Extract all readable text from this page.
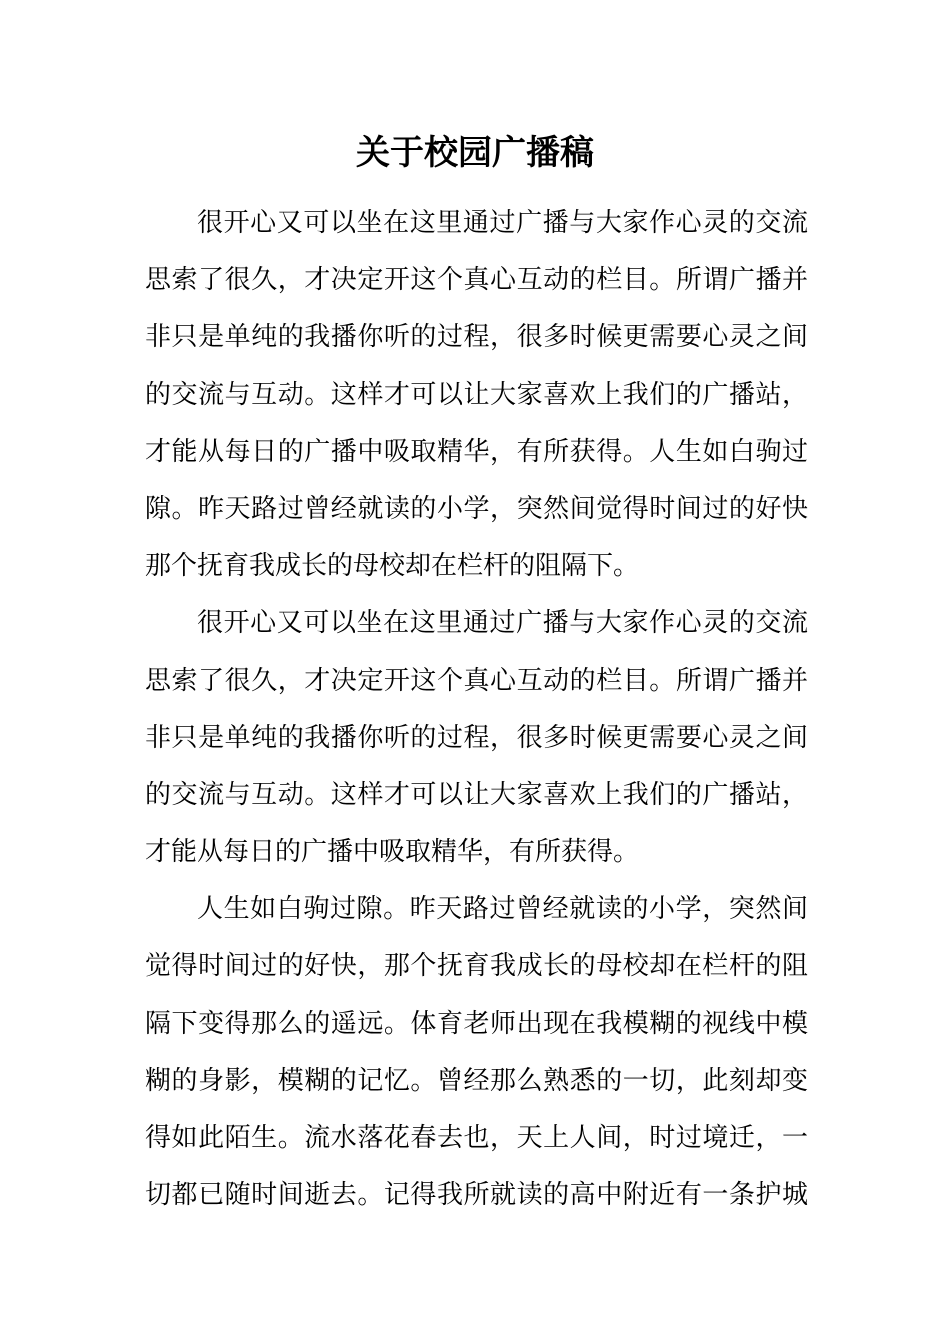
关于校园广播稿
很开心又可以坐在这里通过广播与大家作心灵的交流
思索了很久，才决定开这个真心互动的栏目。所谓广播并
非只是单纯的我播你听的过程，很多时候更需要心灵之间
的交流与互动。这样才可以让大家喜欢上我们的广播站，
才能从每日的广播中吸取精华，有所获得。人生如白驹过
隙。昨天路过曾经就读的小学，突然间觉得时间过的好快
那个抚育我成长的母校却在栏杆的阻隔下。
很开心又可以坐在这里通过广播与大家作心灵的交流
思索了很久，才决定开这个真心互动的栏目。所谓广播并
非只是单纯的我播你听的过程，很多时候更需要心灵之间
的交流与互动。这样才可以让大家喜欢上我们的广播站，
才能从每日的广播中吸取精华，有所获得。
人生如白驹过隙。昨天路过曾经就读的小学，突然间
觉得时间过的好快，那个抚育我成长的母校却在栏杆的阻
隔下变得那么的遥远。体育老师出现在我模糊的视线中模
糊的身影，模糊的记忆。曾经那么熟悉的一切，此刻却变
得如此陌生。流水落花春去也，天上人间，时过境迁，一
切都已随时间逝去。记得我所就读的高中附近有一条护城
